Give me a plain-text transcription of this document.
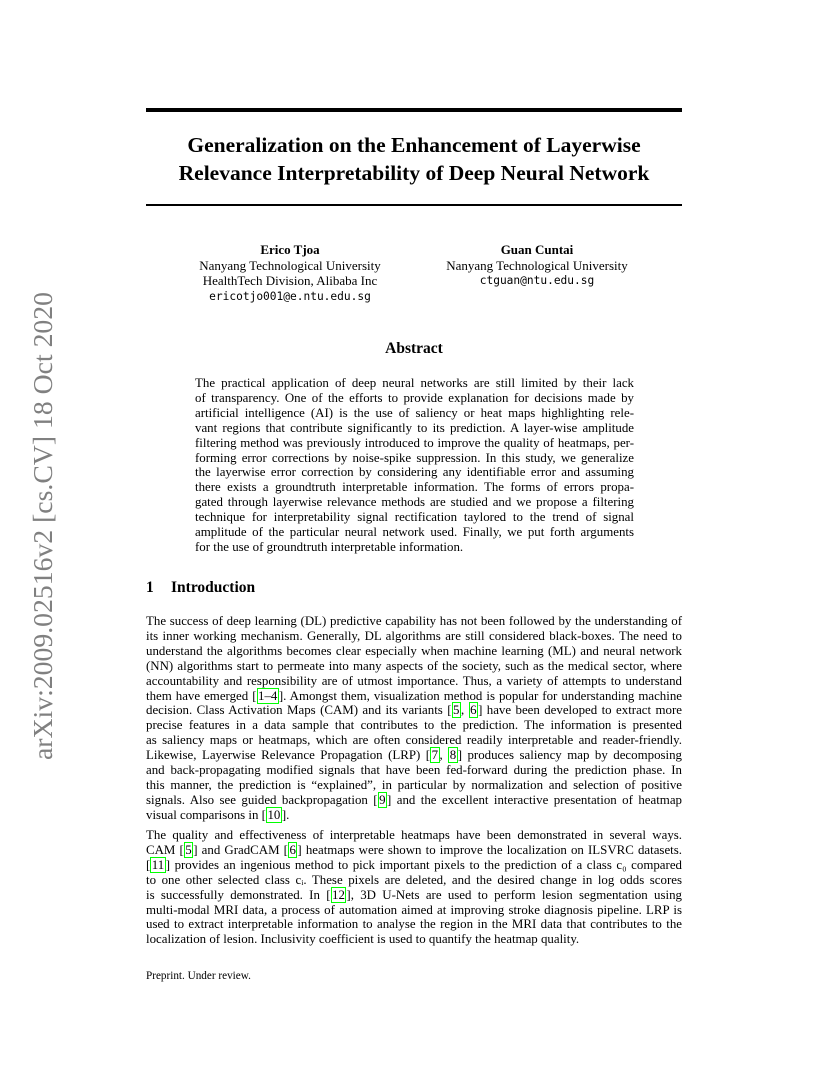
arXiv:2009.02516v2 [cs.CV] 18 Oct 2020
Generalization on the Enhancement of Layerwise
Relevance Interpretability of Deep Neural Network
Erico Tjoa
Nanyang Technological University
HealthTech Division, Alibaba Inc
ericotjo001@e.ntu.edu.sg
Guan Cuntai
Nanyang Technological University
ctguan@ntu.edu.sg
Abstract
The practical application of deep neural networks are still limited by their lack
of transparency. One of the efforts to provide explanation for decisions made by
artificial intelligence (AI) is the use of saliency or heat maps highlighting rele-
vant regions that contribute significantly to its prediction. A layer-wise amplitude
filtering method was previously introduced to improve the quality of heatmaps, per-
forming error corrections by noise-spike suppression. In this study, we generalize
the layerwise error correction by considering any identifiable error and assuming
there exists a groundtruth interpretable information. The forms of errors propa-
gated through layerwise relevance methods are studied and we propose a filtering
technique for interpretability signal rectification taylored to the trend of signal
amplitude of the particular neural network used. Finally, we put forth arguments
for the use of groundtruth interpretable information.
1 Introduction
The success of deep learning (DL) predictive capability has not been followed by the understanding of
its inner working mechanism. Generally, DL algorithms are still considered black-boxes. The need to
understand the algorithms becomes clear especially when machine learning (ML) and neural network
(NN) algorithms start to permeate into many aspects of the society, such as the medical sector, where
accountability and responsibility are of utmost importance. Thus, a variety of attempts to understand
them have emerged [ 1–4 ]. Amongst them, visualization method is popular for understanding machine
decision. Class Activation Maps (CAM) and its variants [ 5 , 6 ] have been developed to extract more
precise features in a data sample that contributes to the prediction. The information is presented
as saliency maps or heatmaps, which are often considered readily interpretable and reader-friendly.
Likewise, Layerwise Relevance Propagation (LRP) [ 7 , 8 ] produces saliency map by decomposing
and back-propagating modified signals that have been fed-forward during the prediction phase. In
this manner, the prediction is “explained”, in particular by normalization and selection of positive
signals. Also see guided backpropagation [ 9 ] and the excellent interactive presentation of heatmap
visual comparisons in [ 10 ].
The quality and effectiveness of interpretable heatmaps have been demonstrated in several ways.
CAM [ 5 ] and GradCAM [ 6 ] heatmaps were shown to improve the localization on ILSVRC datasets.
[ 11 ] provides an ingenious method to pick important pixels to the prediction of a class c₀ compared
to one other selected class cᵢ. These pixels are deleted, and the desired change in log odds scores
is successfully demonstrated. In [ 12 ], 3D U-Nets are used to perform lesion segmentation using
multi-modal MRI data, a process of automation aimed at improving stroke diagnosis pipeline. LRP is
used to extract interpretable information to analyse the region in the MRI data that contributes to the
localization of lesion. Inclusivity coefficient is used to quantify the heatmap quality.

Preprint. Under review.
